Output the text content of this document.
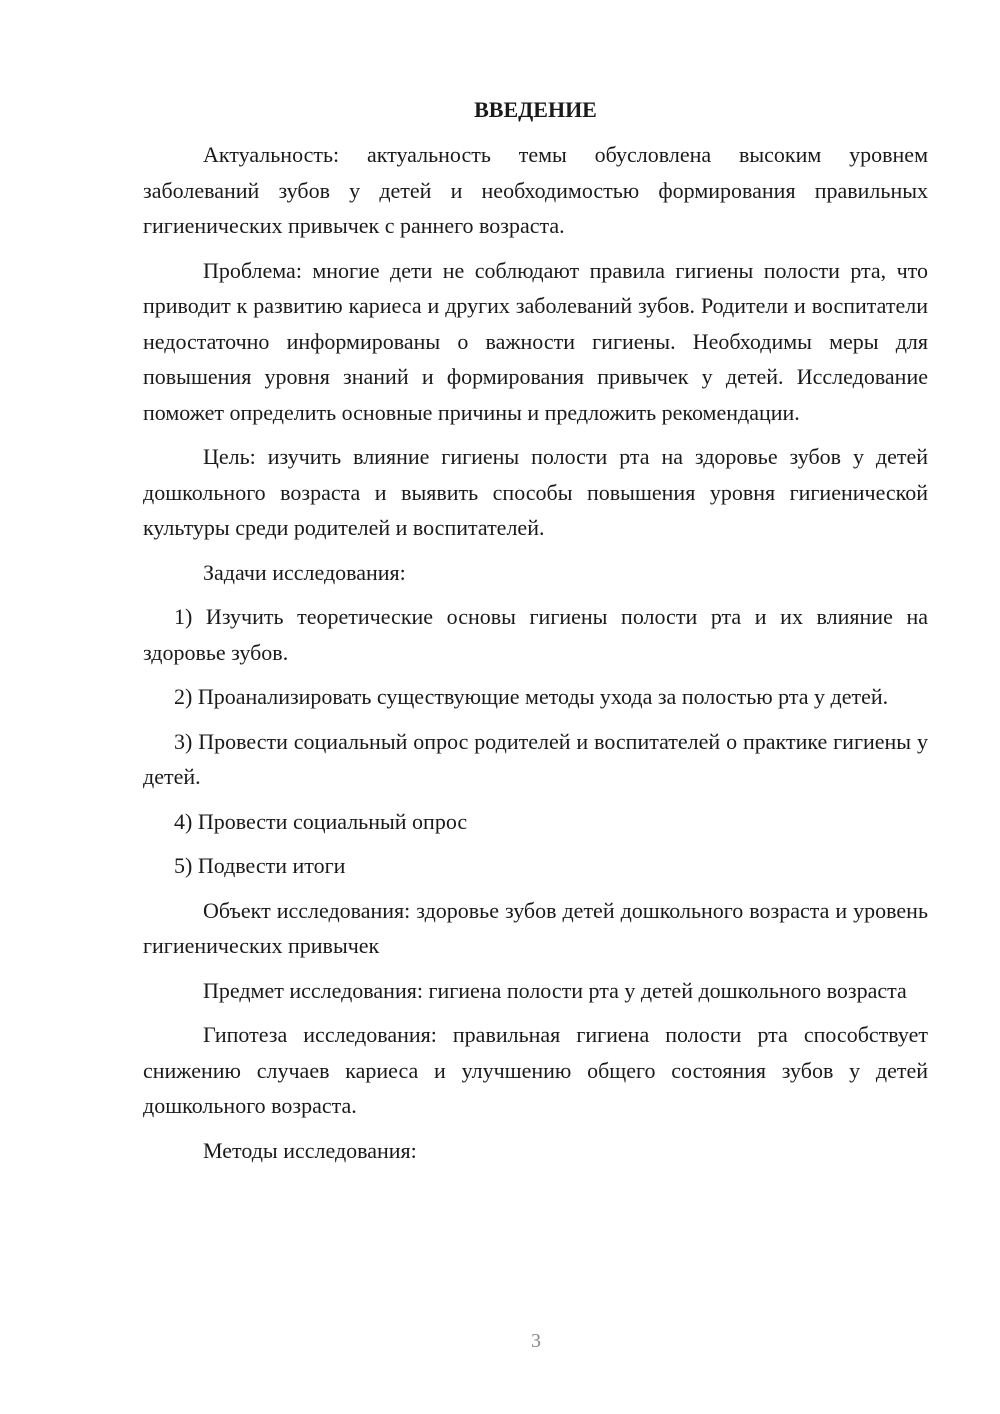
ВВЕДЕНИЕ

Актуальность: актуальность темы обусловлена высоким уровнем заболеваний зубов у детей и необходимостью формирования правильных гигиенических привычек с раннего возраста.

Проблема: многие дети не соблюдают правила гигиены полости рта, что приводит к развитию кариеса и других заболеваний зубов. Родители и воспитатели недостаточно информированы о важности гигиены. Необходимы меры для повышения уровня знаний и формирования привычек у детей. Исследование поможет определить основные причины и предложить рекомендации.

Цель: изучить влияние гигиены полости рта на здоровье зубов у детей дошкольного возраста и выявить способы повышения уровня гигиенической культуры среди родителей и воспитателей.

Задачи исследования:

1) Изучить теоретические основы гигиены полости рта и их влияние на здоровье зубов.

2) Проанализировать существующие методы ухода за полостью рта у детей.

3) Провести социальный опрос родителей и воспитателей о практике гигиены у детей.

4) Провести социальный опрос

5) Подвести итоги

Объект исследования: здоровье зубов детей дошкольного возраста и уровень гигиенических привычек

Предмет исследования: гигиена полости рта у детей дошкольного возраста

Гипотеза исследования: правильная гигиена полости рта способствует снижению случаев кариеса и улучшению общего состояния зубов у детей дошкольного возраста.

Методы исследования:

3
